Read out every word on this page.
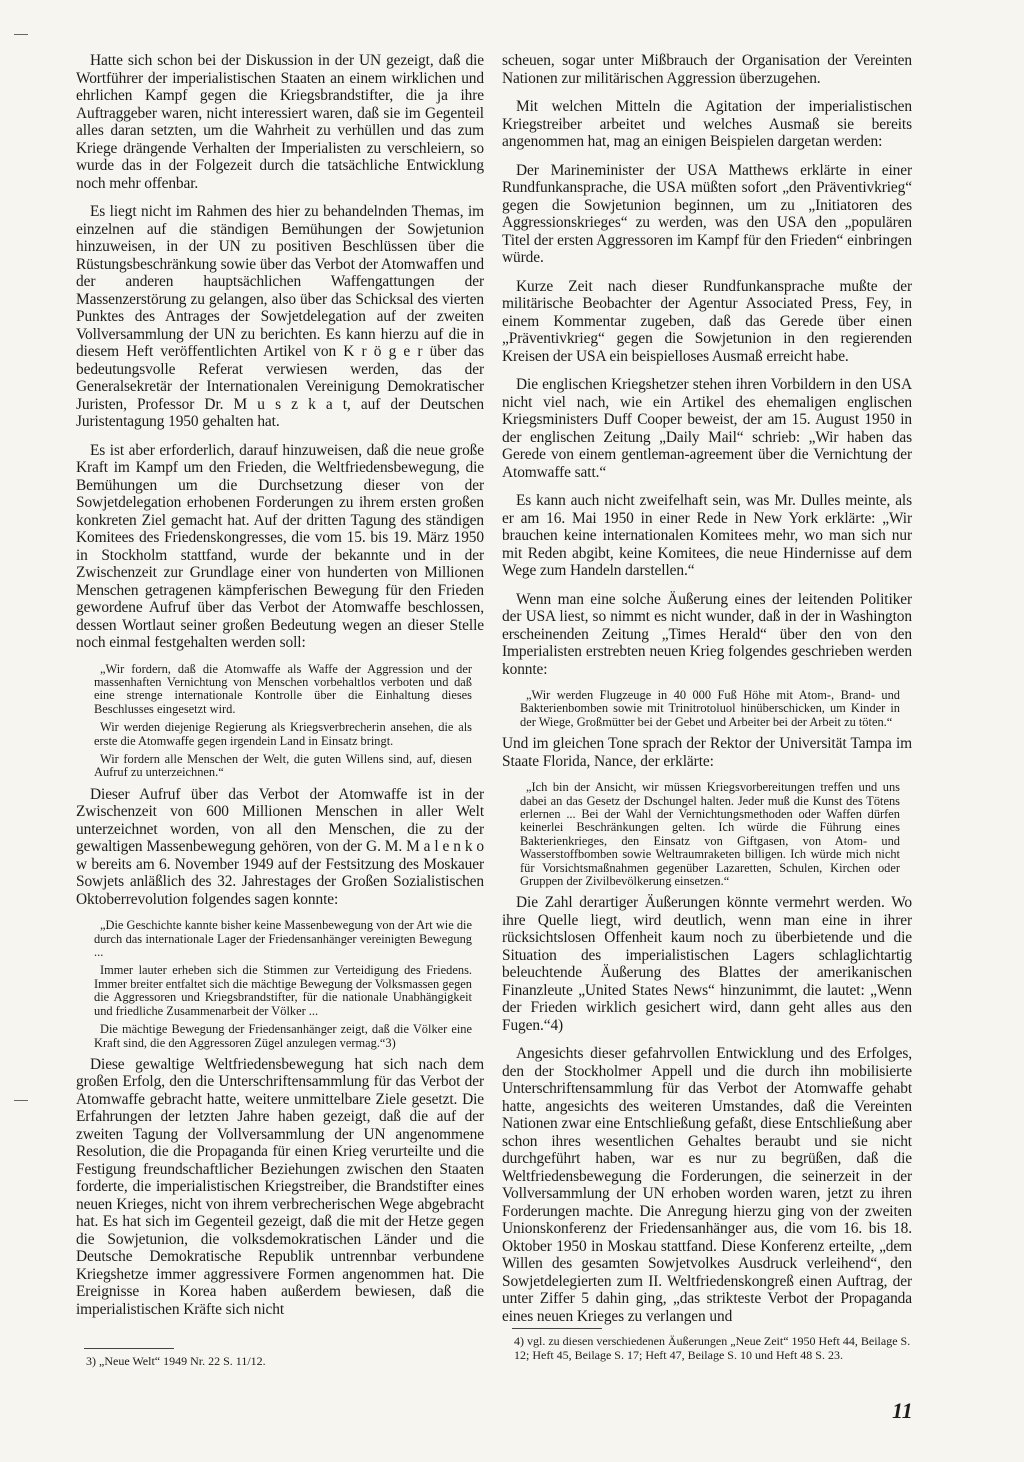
Hatte sich schon bei der Diskussion in der UN gezeigt, daß die Wortführer der imperialistischen Staaten an einem wirklichen und ehrlichen Kampf gegen die Kriegsbrandstifter, die ja ihre Auftraggeber waren, nicht interessiert waren, daß sie im Gegenteil alles daran setzten, um die Wahrheit zu verhüllen und das zum Kriege drängende Verhalten der Imperialisten zu verschleiern, so wurde das in der Folgezeit durch die tatsächliche Entwicklung noch mehr offenbar.

Es liegt nicht im Rahmen des hier zu behandelnden Themas, im einzelnen auf die ständigen Bemühungen der Sowjetunion hinzuweisen, in der UN zu positiven Beschlüssen über die Rüstungsbeschränkung sowie über das Verbot der Atomwaffen und der anderen hauptsächlichen Waffengattungen der Massenzerstörung zu gelangen, also über das Schicksal des vierten Punktes des Antrages der Sowjetdelegation auf der zweiten Vollversammlung der UN zu berichten. Es kann hierzu auf die in diesem Heft veröffentlichten Artikel von K r ö g e r über das bedeutungsvolle Referat verwiesen werden, das der Generalsekretär der Internationalen Vereinigung Demokratischer Juristen, Professor Dr. M u s z k a t, auf der Deutschen Juristentagung 1950 gehalten hat.

Es ist aber erforderlich, darauf hinzuweisen, daß die neue große Kraft im Kampf um den Frieden, die Weltfriedensbewegung, die Bemühungen um die Durchsetzung dieser von der Sowjetdelegation erhobenen Forderungen zu ihrem ersten großen konkreten Ziel gemacht hat. Auf der dritten Tagung des ständigen Komitees des Friedenskongresses, die vom 15. bis 19. März 1950 in Stockholm stattfand, wurde der bekannte und in der Zwischenzeit zur Grundlage einer von hunderten von Millionen Menschen getragenen kämpferischen Bewegung für den Frieden gewordene Aufruf über das Verbot der Atomwaffe beschlossen, dessen Wortlaut seiner großen Bedeutung wegen an dieser Stelle noch einmal festgehalten werden soll:

„Wir fordern, daß die Atomwaffe als Waffe der Aggression und der massenhaften Vernichtung von Menschen vorbehaltlos verboten und daß eine strenge internationale Kontrolle über die Einhaltung dieses Beschlusses eingesetzt wird.

Wir werden diejenige Regierung als Kriegsverbrecherin ansehen, die als erste die Atomwaffe gegen irgendein Land in Einsatz bringt.

Wir fordern alle Menschen der Welt, die guten Willens sind, auf, diesen Aufruf zu unterzeichnen.“

Dieser Aufruf über das Verbot der Atomwaffe ist in der Zwischenzeit von 600 Millionen Menschen in aller Welt unterzeichnet worden, von all den Menschen, die zu der gewaltigen Massenbewegung gehören, von der G. M. M a l e n k o w bereits am 6. November 1949 auf der Festsitzung des Moskauer Sowjets anläßlich des 32. Jahrestages der Großen Sozialistischen Oktoberrevolution folgendes sagen konnte:

„Die Geschichte kannte bisher keine Massenbewegung von der Art wie die durch das internationale Lager der Friedensanhänger vereinigten Bewegung ...

Immer lauter erheben sich die Stimmen zur Verteidigung des Friedens. Immer breiter entfaltet sich die mächtige Bewegung der Volksmassen gegen die Aggressoren und Kriegsbrandstifter, für die nationale Unabhängigkeit und friedliche Zusammenarbeit der Völker ...

Die mächtige Bewegung der Friedensanhänger zeigt, daß die Völker eine Kraft sind, die den Aggressoren Zügel anzulegen vermag.“3)

Diese gewaltige Weltfriedensbewegung hat sich nach dem großen Erfolg, den die Unterschriftensammlung für das Verbot der Atomwaffe gebracht hatte, weitere unmittelbare Ziele gesetzt. Die Erfahrungen der letzten Jahre haben gezeigt, daß die auf der zweiten Tagung der Vollversammlung der UN angenommene Resolution, die die Propaganda für einen Krieg verurteilte und die Festigung freundschaftlicher Beziehungen zwischen den Staaten forderte, die imperialistischen Kriegstreiber, die Brandstifter eines neuen Krieges, nicht von ihrem verbrecherischen Wege abgebracht hat. Es hat sich im Gegenteil gezeigt, daß die mit der Hetze gegen die Sowjetunion, die volksdemokratischen Länder und die Deutsche Demokratische Republik untrennbar verbundene Kriegshetze immer aggressivere Formen angenommen hat. Die Ereignisse in Korea haben außerdem bewiesen, daß die imperialistischen Kräfte sich nicht

scheuen, sogar unter Mißbrauch der Organisation der Vereinten Nationen zur militärischen Aggression überzugehen.

Mit welchen Mitteln die Agitation der imperialistischen Kriegstreiber arbeitet und welches Ausmaß sie bereits angenommen hat, mag an einigen Beispielen dargetan werden:

Der Marineminister der USA Matthews erklärte in einer Rundfunkansprache, die USA müßten sofort „den Präventivkrieg“ gegen die Sowjetunion beginnen, um zu „Initiatoren des Aggressionskrieges“ zu werden, was den USA den „populären Titel der ersten Aggressoren im Kampf für den Frieden“ einbringen würde.

Kurze Zeit nach dieser Rundfunkansprache mußte der militärische Beobachter der Agentur Associated Press, Fey, in einem Kommentar zugeben, daß das Gerede über einen „Präventivkrieg“ gegen die Sowjetunion in den regierenden Kreisen der USA ein beispielloses Ausmaß erreicht habe.

Die englischen Kriegshetzer stehen ihren Vorbildern in den USA nicht viel nach, wie ein Artikel des ehemaligen englischen Kriegsministers Duff Cooper beweist, der am 15. August 1950 in der englischen Zeitung „Daily Mail“ schrieb: „Wir haben das Gerede von einem gentleman-agreement über die Vernichtung der Atomwaffe satt.“

Es kann auch nicht zweifelhaft sein, was Mr. Dulles meinte, als er am 16. Mai 1950 in einer Rede in New York erklärte: „Wir brauchen keine internationalen Komitees mehr, wo man sich nur mit Reden abgibt, keine Komitees, die neue Hindernisse auf dem Wege zum Handeln darstellen.“

Wenn man eine solche Äußerung eines der leitenden Politiker der USA liest, so nimmt es nicht wunder, daß in der in Washington erscheinenden Zeitung „Times Herald“ über den von den Imperialisten erstrebten neuen Krieg folgendes geschrieben werden konnte:

„Wir werden Flugzeuge in 40 000 Fuß Höhe mit Atom-, Brand- und Bakterienbomben sowie mit Trinitrotoluol hinüberschicken, um Kinder in der Wiege, Großmütter bei der Gebet und Arbeiter bei der Arbeit zu töten.“

Und im gleichen Tone sprach der Rektor der Universität Tampa im Staate Florida, Nance, der erklärte:

„Ich bin der Ansicht, wir müssen Kriegsvorbereitungen treffen und uns dabei an das Gesetz der Dschungel halten. Jeder muß die Kunst des Tötens erlernen ... Bei der Wahl der Vernichtungsmethoden oder Waffen dürfen keinerlei Beschränkungen gelten. Ich würde die Führung eines Bakterienkrieges, den Einsatz von Giftgasen, von Atom- und Wasserstoffbomben sowie Weltraumraketen billigen. Ich würde mich nicht für Vorsichtsmaßnahmen gegenüber Lazaretten, Schulen, Kirchen oder Gruppen der Zivilbevölkerung einsetzen.“

Die Zahl derartiger Äußerungen könnte vermehrt werden. Wo ihre Quelle liegt, wird deutlich, wenn man eine in ihrer rücksichtslosen Offenheit kaum noch zu überbietende und die Situation des imperialistischen Lagers schlaglichtartig beleuchtende Äußerung des Blattes der amerikanischen Finanzleute „United States News“ hinzunimmt, die lautet: „Wenn der Frieden wirklich gesichert wird, dann geht alles aus den Fugen.“4)

Angesichts dieser gefahrvollen Entwicklung und des Erfolges, den der Stockholmer Appell und die durch ihn mobilisierte Unterschriftensammlung für das Verbot der Atomwaffe gehabt hatte, angesichts des weiteren Umstandes, daß die Vereinten Nationen zwar eine Entschließung gefaßt, diese Entschließung aber schon ihres wesentlichen Gehaltes beraubt und sie nicht durchgeführt haben, war es nur zu begrüßen, daß die Weltfriedensbewegung die Forderungen, die seinerzeit in der Vollversammlung der UN erhoben worden waren, jetzt zu ihren Forderungen machte. Die Anregung hierzu ging von der zweiten Unionskonferenz der Friedensanhänger aus, die vom 16. bis 18. Oktober 1950 in Moskau stattfand. Diese Konferenz erteilte, „dem Willen des gesamten Sowjetvolkes Ausdruck verleihend“, den Sowjetdelegierten zum II. Weltfriedenskongreß einen Auftrag, der unter Ziffer 5 dahin ging, „das strikteste Verbot der Propaganda eines neuen Krieges zu verlangen und

3) „Neue Welt“ 1949 Nr. 22 S. 11/12.

4) vgl. zu diesen verschiedenen Äußerungen „Neue Zeit“ 1950 Heft 44, Beilage S. 12; Heft 45, Beilage S. 17; Heft 47, Beilage S. 10 und Heft 48 S. 23.

11
